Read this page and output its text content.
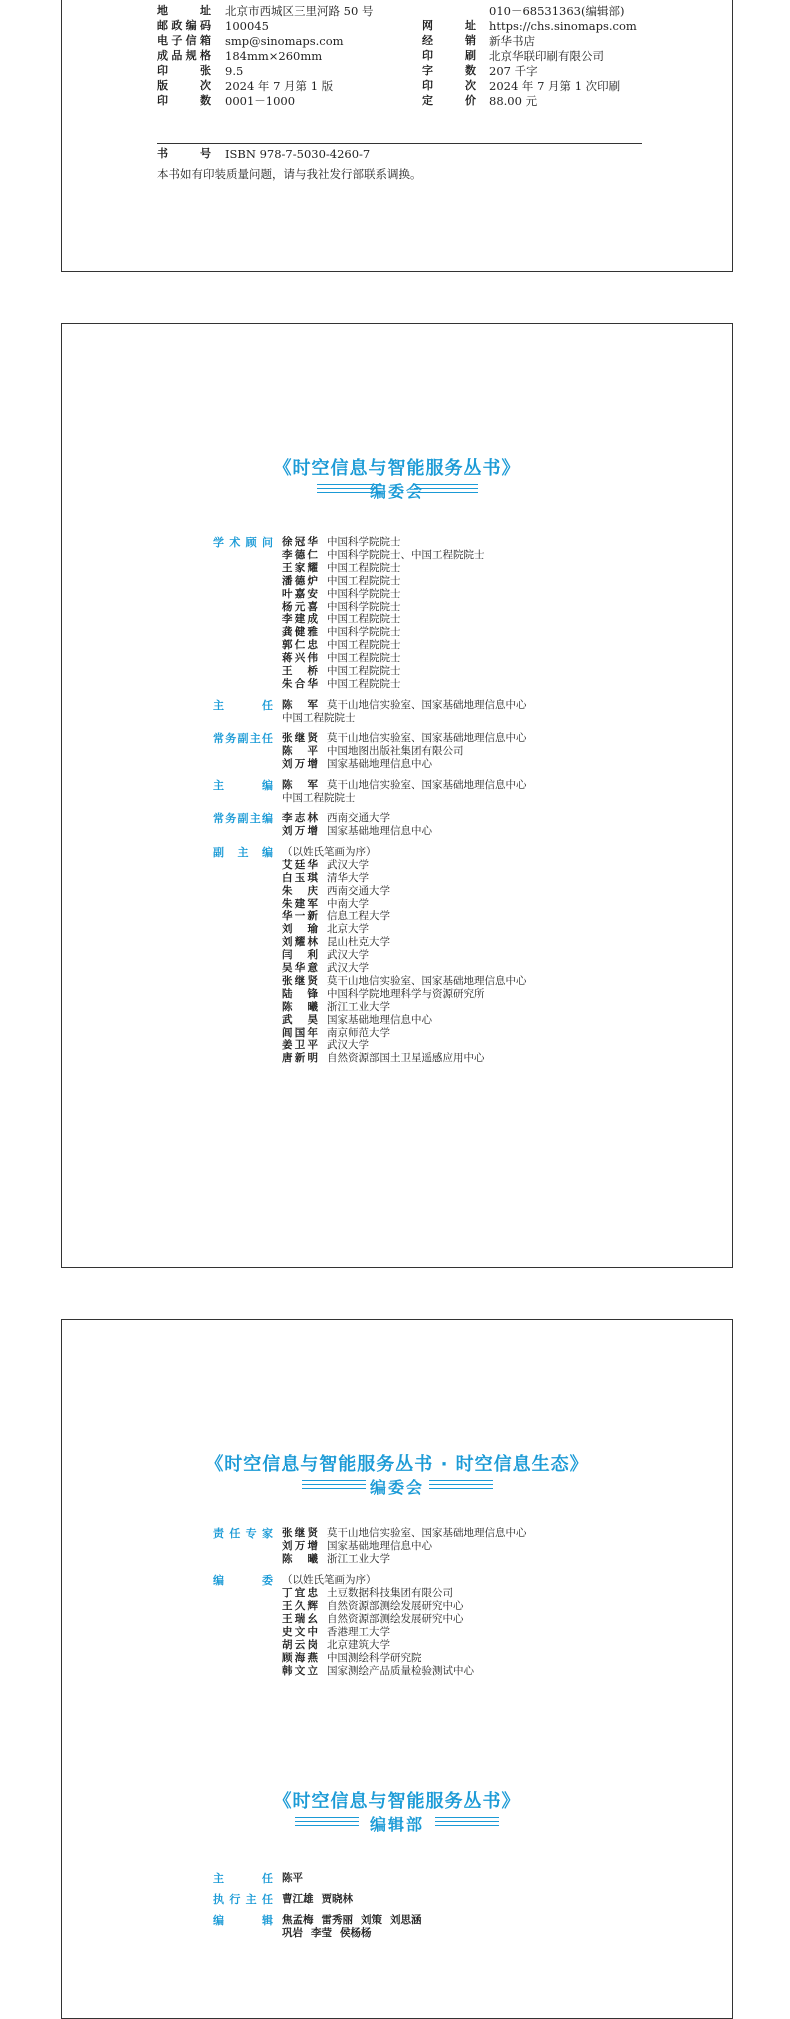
地址 北京市西城区三里河路 50 号	010－68531363(编辑部)
邮政编码 100045	网址 https://chs.sinomaps.com
电子信箱 smp@sinomaps.com	经销 新华书店
成品规格 184mm×260mm	印刷 北京华联印刷有限公司
印张 9.5	字数 207 千字
版次 2024 年 7 月第 1 版	印次 2024 年 7 月第 1 次印刷
印数 0001－1000	定价 88.00 元
书号 ISBN 978-7-5030-4260-7
本书如有印装质量问题，请与我社发行部联系调换。
《时空信息与智能服务丛书》
编委会
学术顾问 徐冠华 中国科学院院士
李德仁 中国科学院院士、中国工程院院士
王家耀 中国工程院院士
潘德炉 中国工程院院士
叶嘉安 中国科学院院士
杨元喜 中国科学院院士
李建成 中国工程院院士
龚健雅 中国科学院院士
郭仁忠 中国工程院院士
蒋兴伟 中国工程院院士
王桥 中国工程院院士
朱合华 中国工程院院士
主任 陈军 莫干山地信实验室、国家基础地理信息中心
中国工程院院士
常务副主任 张继贤 莫干山地信实验室、国家基础地理信息中心
陈平 中国地图出版社集团有限公司
刘万增 国家基础地理信息中心
主编 陈军 莫干山地信实验室、国家基础地理信息中心
中国工程院院士
常务副主编 李志林 西南交通大学
刘万增 国家基础地理信息中心
副主编 （以姓氏笔画为序）
艾廷华 武汉大学
白玉琪 清华大学
朱庆 西南交通大学
朱建军 中南大学
华一新 信息工程大学
刘瑜 北京大学
刘耀林 昆山杜克大学
闫利 武汉大学
吴华意 武汉大学
张继贤 莫干山地信实验室、国家基础地理信息中心
陆锋 中国科学院地理科学与资源研究所
陈曦 浙江工业大学
武昊 国家基础地理信息中心
闾国年 南京师范大学
姜卫平 武汉大学
唐新明 自然资源部国土卫星遥感应用中心
《时空信息与智能服务丛书 · 时空信息生态》
编委会
责任专家 张继贤 莫干山地信实验室、国家基础地理信息中心
刘万增 国家基础地理信息中心
陈曦 浙江工业大学
编委 （以姓氏笔画为序）
丁宜忠 土豆数据科技集团有限公司
王久辉 自然资源部测绘发展研究中心
王瑞幺 自然资源部测绘发展研究中心
史文中 香港理工大学
胡云岗 北京建筑大学
顾海燕 中国测绘科学研究院
韩文立 国家测绘产品质量检验测试中心
《时空信息与智能服务丛书》
编辑部
主任 陈平
执行主任 曹江雄 贾晓林
编辑 焦孟梅 雷秀丽 刘策 刘思涵
巩岩 李莹 侯杨杨
